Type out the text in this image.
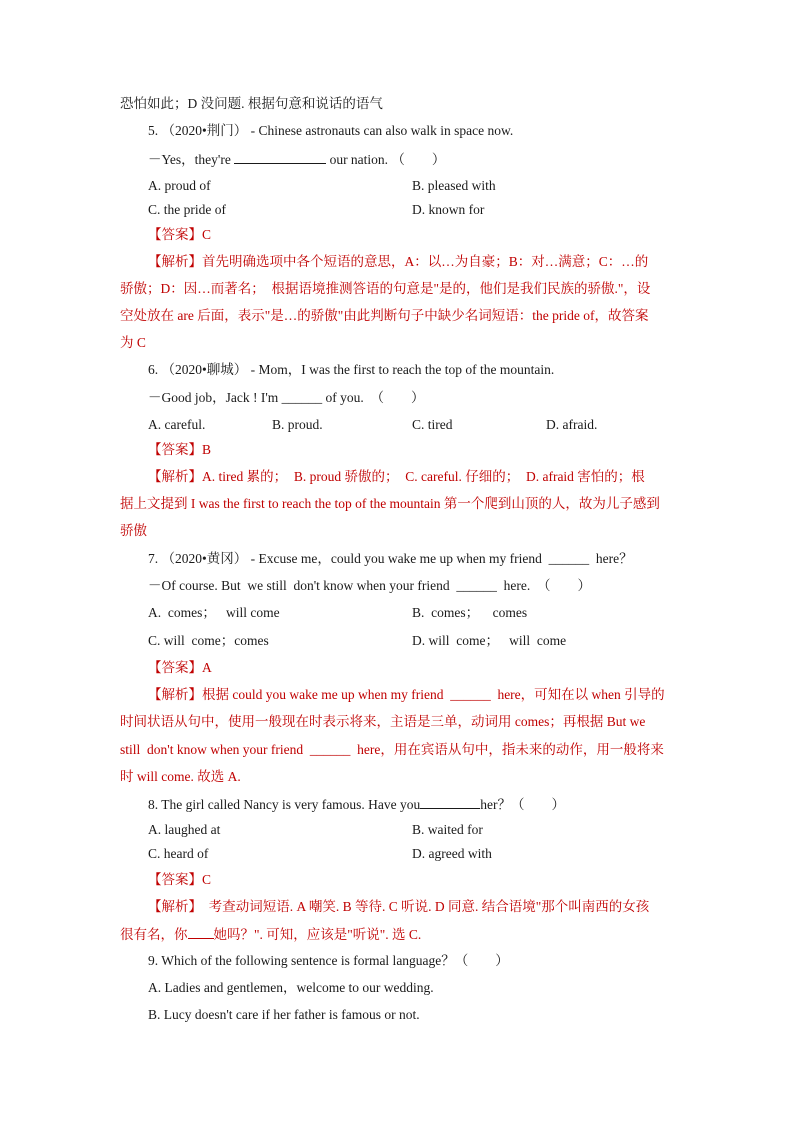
恐怕如此；D 没问题. 根据句意和说话的语气
5. （2020•荆门） - Chinese astronauts can also walk in space now.
－Yes，they're	our nation. （        ）
A. proud of	B. pleased with
C. the pride of	D. known for
【答案】C
【解析】首先明确选项中各个短语的意思，A：以…为自豪；B：对…满意；C：…的
骄傲；D：因…而著名；  根据语境推测答语的句意是"是的，他们是我们民族的骄傲."，设
空处放在 are 后面，表示"是…的骄傲"由此判断句子中缺少名词短语：the pride of，故答案
为 C
6. （2020•聊城） - Mom，I was the first to reach the top of the mountain.
－Good job，Jack ! I'm ______ of you.  （        ）
A. careful.	B. proud.	C. tired	D. afraid.
【答案】B
【解析】A. tired 累的；  B. proud 骄傲的；  C. careful. 仔细的；  D. afraid 害怕的；根
据上文提到 I was the first to reach the top of the mountain 第一个爬到山顶的人，故为儿子感到
骄傲
7. （2020•黄冈） - Excuse me，could you wake me up when my friend  ______  here？
－Of course. But  we still  don't know when your friend  ______  here.  （        ）
A.  comes；   will come	B.  comes；    comes
C. will  come；comes	D. will  come；   will  come
【答案】A
【解析】根据 could you wake me up when my friend  ______  here，可知在以 when 引导的
时间状语从句中，使用一般现在时表示将来，主语是三单，动词用 comes；再根据 But we
still  don't know when your friend  ______  here，用在宾语从句中，指未来的动作，用一般将来
时 will come. 故选 A.
8. The girl called Nancy is very famous. Have you	her？（        ）
A. laughed at	B. waited for
C. heard of	D. agreed with
【答案】C
【解析】  考查动词短语. A 嘲笑. B 等待. C 听说. D 同意. 结合语境"那个叫南西的女孩
很有名，你 她吗？". 可知，应该是"听说". 选 C.
9. Which of the following sentence is formal language？（        ）
A. Ladies and gentlemen，welcome to our wedding.
B. Lucy doesn't care if her father is famous or not.
